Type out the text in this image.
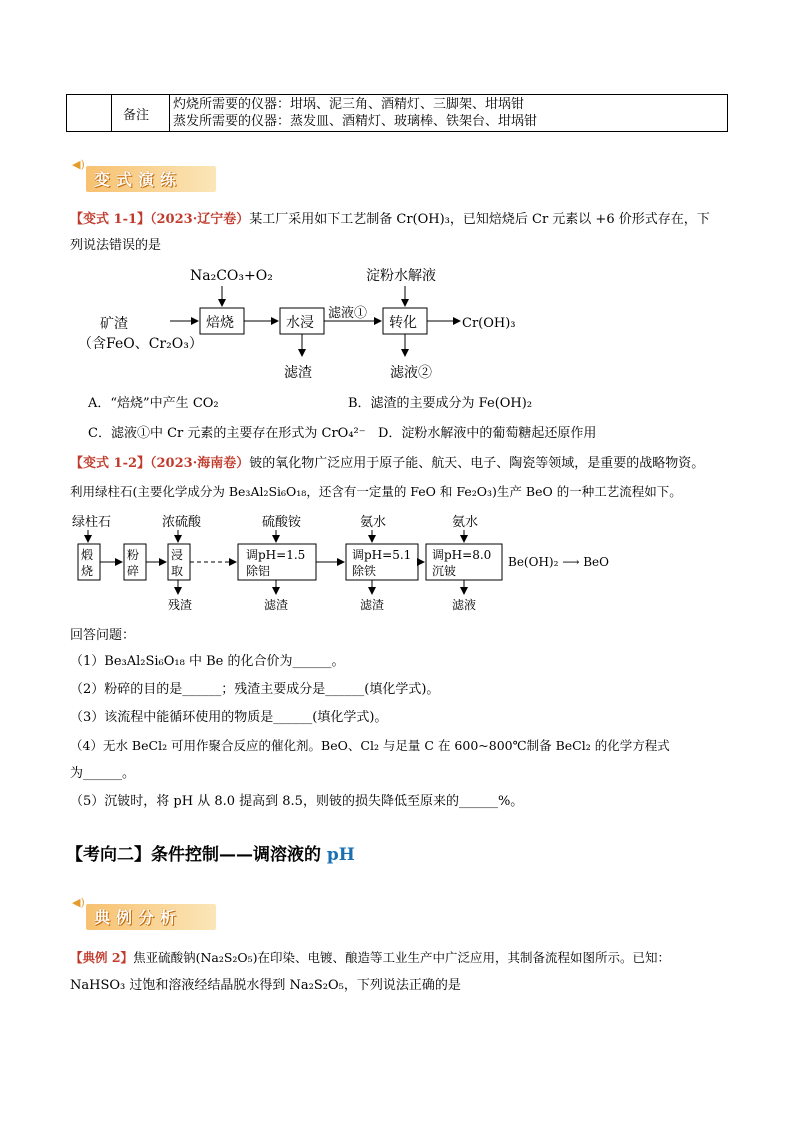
备注
灼烧所需要的仪器：坩埚、泥三角、酒精灯、三脚架、坩埚钳
蒸发所需要的仪器：蒸发皿、酒精灯、玻璃棒、铁架台、坩埚钳
◀)
变式演练
【变式 1-1】（2023·辽宁卷）某工厂采用如下工艺制备 Cr(OH)₃，已知焙烧后 Cr 元素以 +6 价形式存在，下
列说法错误的是
Na₂CO₃+O₂	淀粉水解液
矿渣
（含FeO、Cr₂O₃）
焙烧	水浸	转化
滤液①
Cr(OH)₃
滤渣	滤液②
A．“焙烧”中产生 CO₂	B．滤渣的主要成分为 Fe(OH)₂
C．滤液①中 Cr 元素的主要存在形式为 CrO₄²⁻ D．淀粉水解液中的葡萄糖起还原作用
【变式 1-2】（2023·海南卷）铍的氧化物广泛应用于原子能、航天、电子、陶瓷等领域，是重要的战略物资。
利用绿柱石(主要化学成分为 Be₃Al₂Si₆O₁₈，还含有一定量的 FeO 和 Fe₂O₃)生产 BeO 的一种工艺流程如下。
绿柱石	浓硫酸	硫酸铵	氨水	氨水
煅
烧
粉
碎
浸
取
调pH=1.5
除铝
调pH=5.1
除铁
调pH=8.0
沉铍
Be(OH)₂ ⟶ BeO
残渣	滤渣	滤渣	滤液
回答问题：
（1）Be₃Al₂Si₆O₁₈ 中 Be 的化合价为______。
（2）粉碎的目的是______；残渣主要成分是______(填化学式)。
（3）该流程中能循环使用的物质是______(填化学式)。
（4）无水 BeCl₂ 可用作聚合反应的催化剂。BeO、Cl₂ 与足量 C 在 600~800℃制备 BeCl₂ 的化学方程式
为______。
（5）沉铍时，将 pH 从 8.0 提高到 8.5，则铍的损失降低至原来的______%。
【考向二】条件控制——调溶液的 pH
◀)
典例分析
【典例 2】焦亚硫酸钠(Na₂S₂O₅)在印染、电镀、酿造等工业生产中广泛应用，其制备流程如图所示。已知：
NaHSO₃ 过饱和溶液经结晶脱水得到 Na₂S₂O₅，下列说法正确的是
